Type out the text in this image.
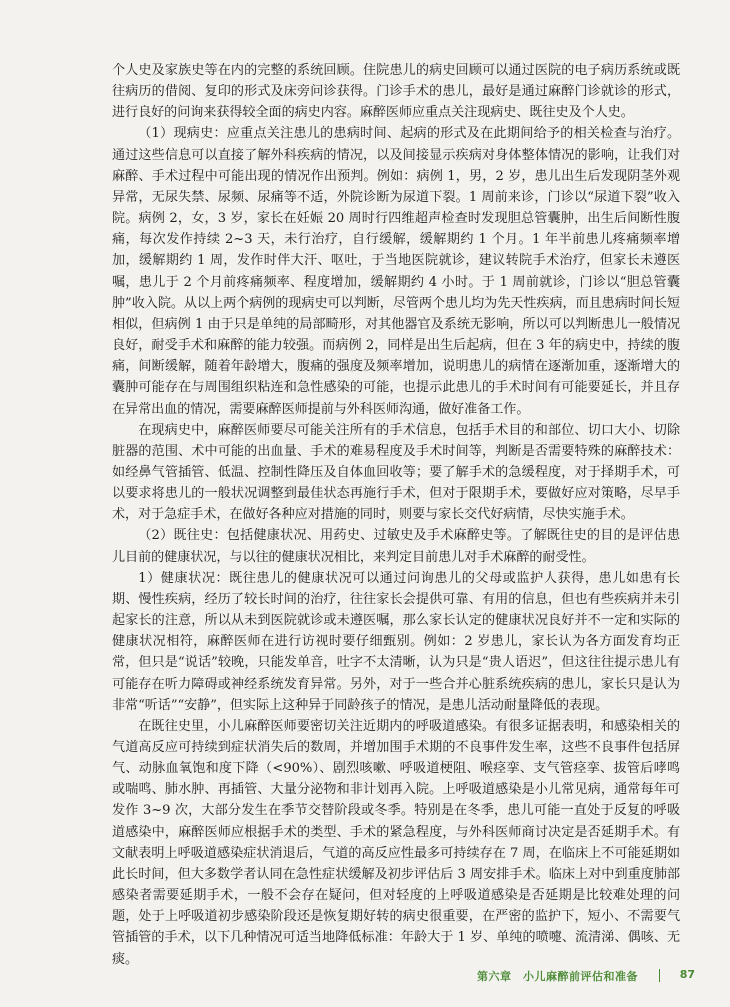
个人史及家族史等在内的完整的系统回顾。住院患儿的病史回顾可以通过医院的电子病历系统或既往病历的借阅、复印的形式及床旁问诊获得。门诊手术的患儿，最好是通过麻醉门诊就诊的形式，进行良好的问询来获得较全面的病史内容。麻醉医师应重点关注现病史、既往史及个人史。

（1）现病史：应重点关注患儿的患病时间、起病的形式及在此期间给予的相关检查与治疗。通过这些信息可以直接了解外科疾病的情况，以及间接显示疾病对身体整体情况的影响，让我们对麻醉、手术过程中可能出现的情况作出预判。例如：病例 1，男，2 岁，患儿出生后发现阴茎外观异常，无尿失禁、尿频、尿痛等不适，外院诊断为尿道下裂。1 周前来诊，门诊以“尿道下裂”收入院。病例 2，女，3 岁，家长在妊娠 20 周时行四维超声检查时发现胆总管囊肿，出生后间断性腹痛，每次发作持续 2~3 天，未行治疗，自行缓解，缓解期约 1 个月。1 年半前患儿疼痛频率增加，缓解期约 1 周，发作时伴大汗、呕吐，于当地医院就诊，建议转院手术治疗，但家长未遵医嘱，患儿于 2 个月前疼痛频率、程度增加，缓解期约 4 小时。于 1 周前就诊，门诊以“胆总管囊肿”收入院。从以上两个病例的现病史可以判断，尽管两个患儿均为先天性疾病，而且患病时间长短相似，但病例 1 由于只是单纯的局部畸形，对其他器官及系统无影响，所以可以判断患儿一般情况良好，耐受手术和麻醉的能力较强。而病例 2，同样是出生后起病，但在 3 年的病史中，持续的腹痛，间断缓解，随着年龄增大，腹痛的强度及频率增加，说明患儿的病情在逐渐加重，逐渐增大的囊肿可能存在与周围组织粘连和急性感染的可能，也提示此患儿的手术时间有可能要延长，并且存在异常出血的情况，需要麻醉医师提前与外科医师沟通，做好准备工作。

在现病史中，麻醉医师要尽可能关注所有的手术信息，包括手术目的和部位、切口大小、切除脏器的范围、术中可能的出血量、手术的难易程度及手术时间等，判断是否需要特殊的麻醉技术：如经鼻气管插管、低温、控制性降压及自体血回收等；要了解手术的急缓程度，对于择期手术，可以要求将患儿的一般状况调整到最佳状态再施行手术，但对于限期手术，要做好应对策略，尽早手术，对于急症手术，在做好各种应对措施的同时，则要与家长交代好病情，尽快实施手术。

（2）既往史：包括健康状况、用药史、过敏史及手术麻醉史等。了解既往史的目的是评估患儿目前的健康状况，与以往的健康状况相比，来判定目前患儿对手术麻醉的耐受性。

1）健康状况：既往患儿的健康状况可以通过问询患儿的父母或监护人获得，患儿如患有长期、慢性疾病，经历了较长时间的治疗，往往家长会提供可靠、有用的信息，但也有些疾病并未引起家长的注意，所以从未到医院就诊或未遵医嘱，那么家长认定的健康状况良好并不一定和实际的健康状况相符，麻醉医师在进行访视时要仔细甄别。例如：2 岁患儿，家长认为各方面发育均正常，但只是“说话”较晚，只能发单音，吐字不太清晰，认为只是“贵人语迟”，但这往往提示患儿有可能存在听力障碍或神经系统发育异常。另外，对于一些合并心脏系统疾病的患儿，家长只是认为非常“听话”“安静”，但实际上这种异于同龄孩子的情况，是患儿活动耐量降低的表现。

在既往史里，小儿麻醉医师要密切关注近期内的呼吸道感染。有很多证据表明，和感染相关的气道高反应可持续到症状消失后的数周，并增加围手术期的不良事件发生率，这些不良事件包括屏气、动脉血氧饱和度下降（<90%）、剧烈咳嗽、呼吸道梗阻、喉痉挛、支气管痉挛、拔管后哮鸣或喘鸣、肺水肿、再插管、大量分泌物和非计划再入院。上呼吸道感染是小儿常见病，通常每年可发作 3~9 次，大部分发生在季节交替阶段或冬季。特别是在冬季，患儿可能一直处于反复的呼吸道感染中，麻醉医师应根据手术的类型、手术的紧急程度，与外科医师商讨决定是否延期手术。有文献表明上呼吸道感染症状消退后，气道的高反应性最多可持续存在 7 周，在临床上不可能延期如此长时间，但大多数学者认同在急性症状缓解及初步评估后 3 周安排手术。临床上对中到重度肺部感染者需要延期手术，一般不会存在疑问，但对轻度的上呼吸道感染是否延期是比较难处理的问题，处于上呼吸道初步感染阶段还是恢复期好转的病史很重要，在严密的监护下，短小、不需要气管插管的手术，以下几种情况可适当地降低标准：年龄大于 1 岁、单纯的喷嚏、流清涕、偶咳、无痰。

第六章　小儿麻醉前评估和准备	87
